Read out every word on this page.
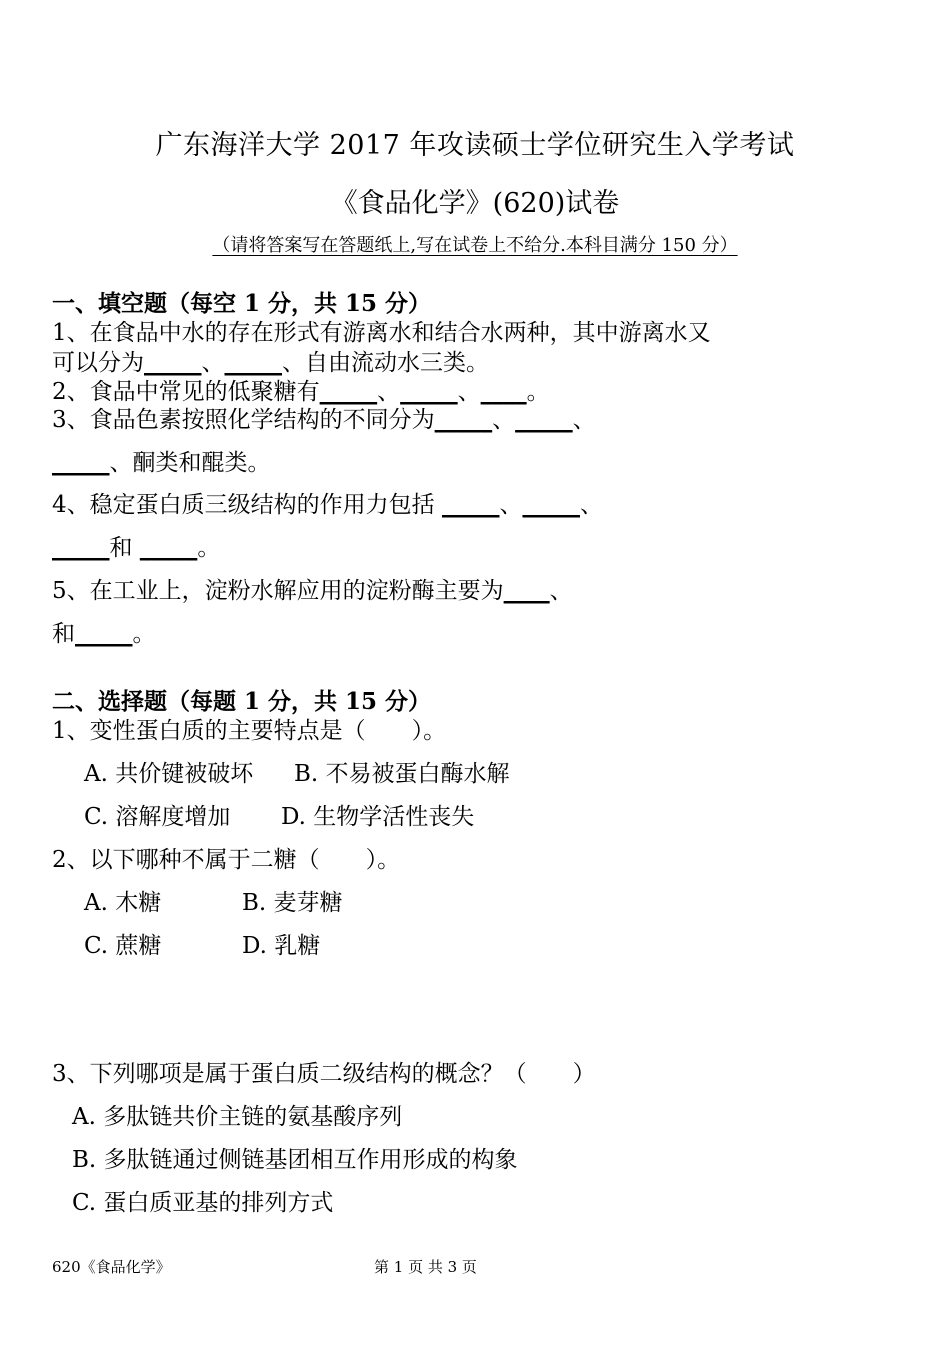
广东海洋大学 2017 年攻读硕士学位研究生入学考试
《食品化学》(620)试卷
（请将答案写在答题纸上,写在试卷上不给分.本科目满分 150 分）
一、填空题（每空 1 分，共 15 分）
1、在食品中水的存在形式有游离水和结合水两种，其中游离水又
可以分为_____、_____、自由流动水三类。
2、食品中常见的低聚糖有_____、_____、____。
3、食品色素按照化学结构的不同分为_____、_____、
_____、酮类和醌类。
4、稳定蛋白质三级结构的作用力包括 _____、_____、
_____和 _____。
5、在工业上，淀粉水解应用的淀粉酶主要为____、
和_____。
二、选择题（每题 1 分，共 15 分）
1、变性蛋白质的主要特点是（　　）。
A. 共价键被破坏 B. 不易被蛋白酶水解
C. 溶解度增加 D. 生物学活性丧失
2、以下哪种不属于二糖（　　）。
A. 木糖	B. 麦芽糖
C. 蔗糖	D. 乳糖
3、下列哪项是属于蛋白质二级结构的概念？（　　）
A. 多肽链共价主链的氨基酸序列
B. 多肽链通过侧链基团相互作用形成的构象
C. 蛋白质亚基的排列方式
620《食品化学》	第 1 页 共 3 页
